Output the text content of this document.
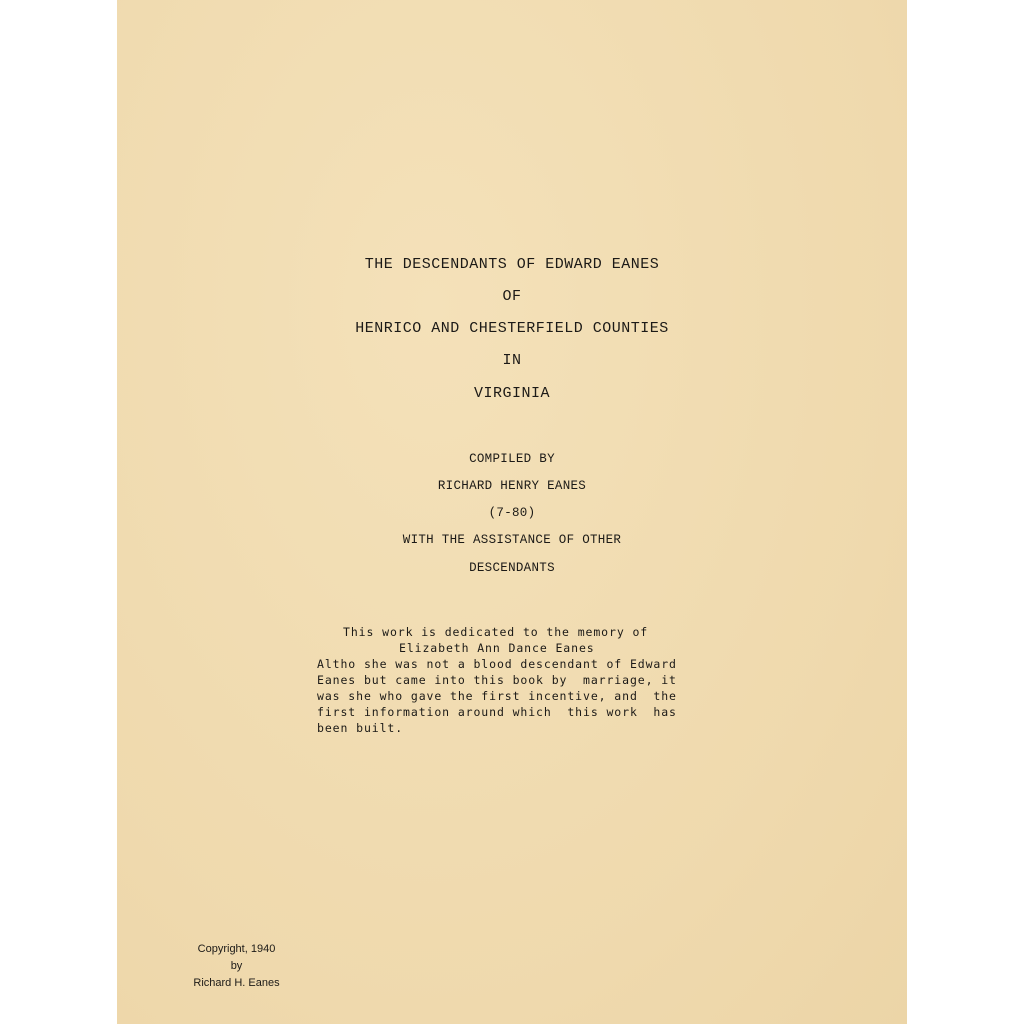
THE DESCENDANTS OF EDWARD EANES
OF
HENRICO AND CHESTERFIELD COUNTIES
IN
VIRGINIA
COMPILED BY
RICHARD HENRY EANES
(7-80)
WITH THE ASSISTANCE OF OTHER
DESCENDANTS
This work is dedicated to the memory of
Elizabeth Ann Dance Eanes
Altho she was not a blood descendant of Edward
Eanes but came into this book by  marriage, it
was she who gave the first incentive, and  the
first information around which  this work  has
been built.
Copyright, 1940
by
Richard H. Eanes
